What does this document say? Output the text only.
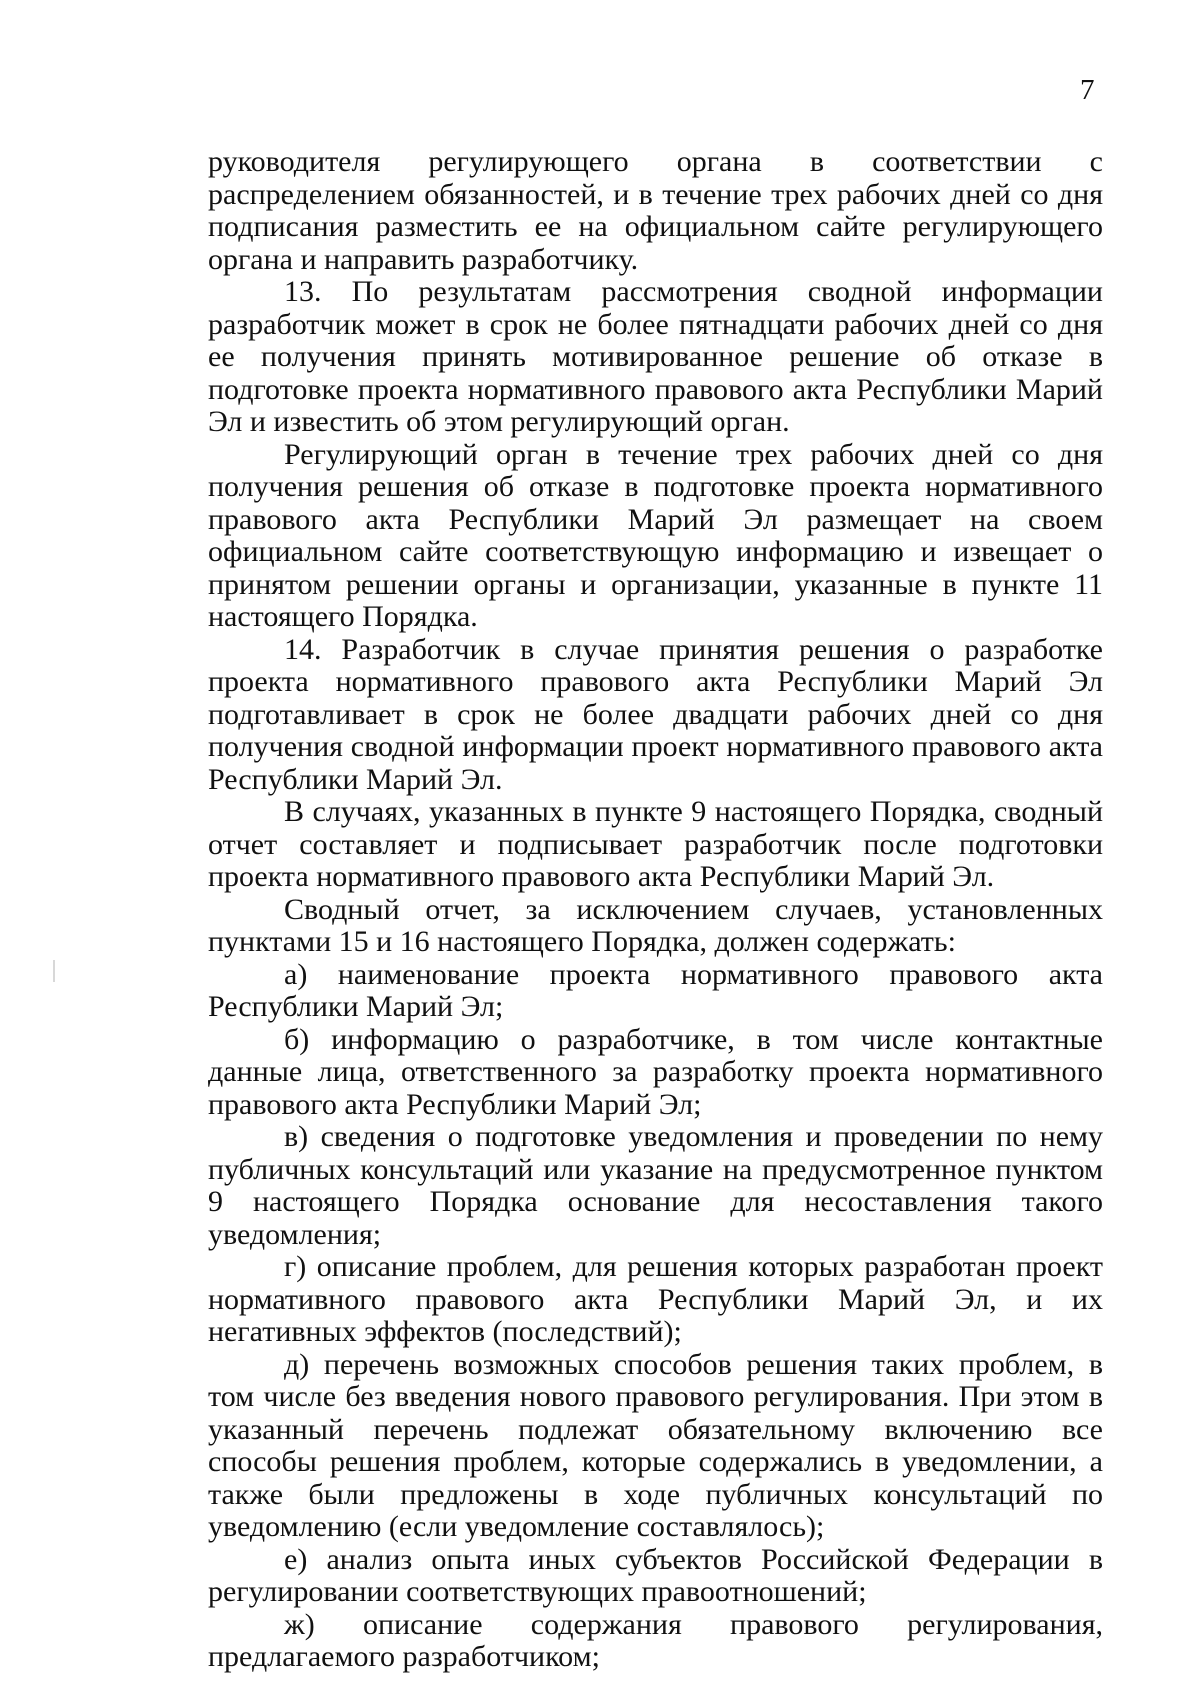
7

руководителя регулирующего органа в соответствии с распределением обязанностей, и в течение трех рабочих дней со дня подписания разместить ее на официальном сайте регулирующего органа и направить разработчику.

13. По результатам рассмотрения сводной информации разработчик может в срок не более пятнадцати рабочих дней со дня ее получения принять мотивированное решение об отказе в подготовке проекта нормативного правового акта Республики Марий Эл и известить об этом регулирующий орган.

Регулирующий орган в течение трех рабочих дней со дня получения решения об отказе в подготовке проекта нормативного правового акта Республики Марий Эл размещает на своем официальном сайте соответствующую информацию и извещает о принятом решении органы и организации, указанные в пункте 11 настоящего Порядка.

14. Разработчик в случае принятия решения о разработке проекта нормативного правового акта Республики Марий Эл подготавливает в срок не более двадцати рабочих дней со дня получения сводной информации проект нормативного правового акта Республики Марий Эл.

В случаях, указанных в пункте 9 настоящего Порядка, сводный отчет составляет и подписывает разработчик после подготовки проекта нормативного правового акта Республики Марий Эл.

Сводный отчет, за исключением случаев, установленных пунктами 15 и 16 настоящего Порядка, должен содержать:

а) наименование проекта нормативного правового акта Республики Марий Эл;

б) информацию о разработчике, в том числе контактные данные лица, ответственного за разработку проекта нормативного правового акта Республики Марий Эл;

в) сведения о подготовке уведомления и проведении по нему публичных консультаций или указание на предусмотренное пунктом 9 настоящего Порядка основание для несоставления такого уведомления;

г) описание проблем, для решения которых разработан проект нормативного правового акта Республики Марий Эл, и их негативных эффектов (последствий);

д) перечень возможных способов решения таких проблем, в том числе без введения нового правового регулирования. При этом в указанный перечень подлежат обязательному включению все способы решения проблем, которые содержались в уведомлении, а также были предложены в ходе публичных консультаций по уведомлению (если уведомление составлялось);

е) анализ опыта иных субъектов Российской Федерации в регулировании соответствующих правоотношений;

ж) описание содержания правового регулирования, предлагаемого разработчиком;
